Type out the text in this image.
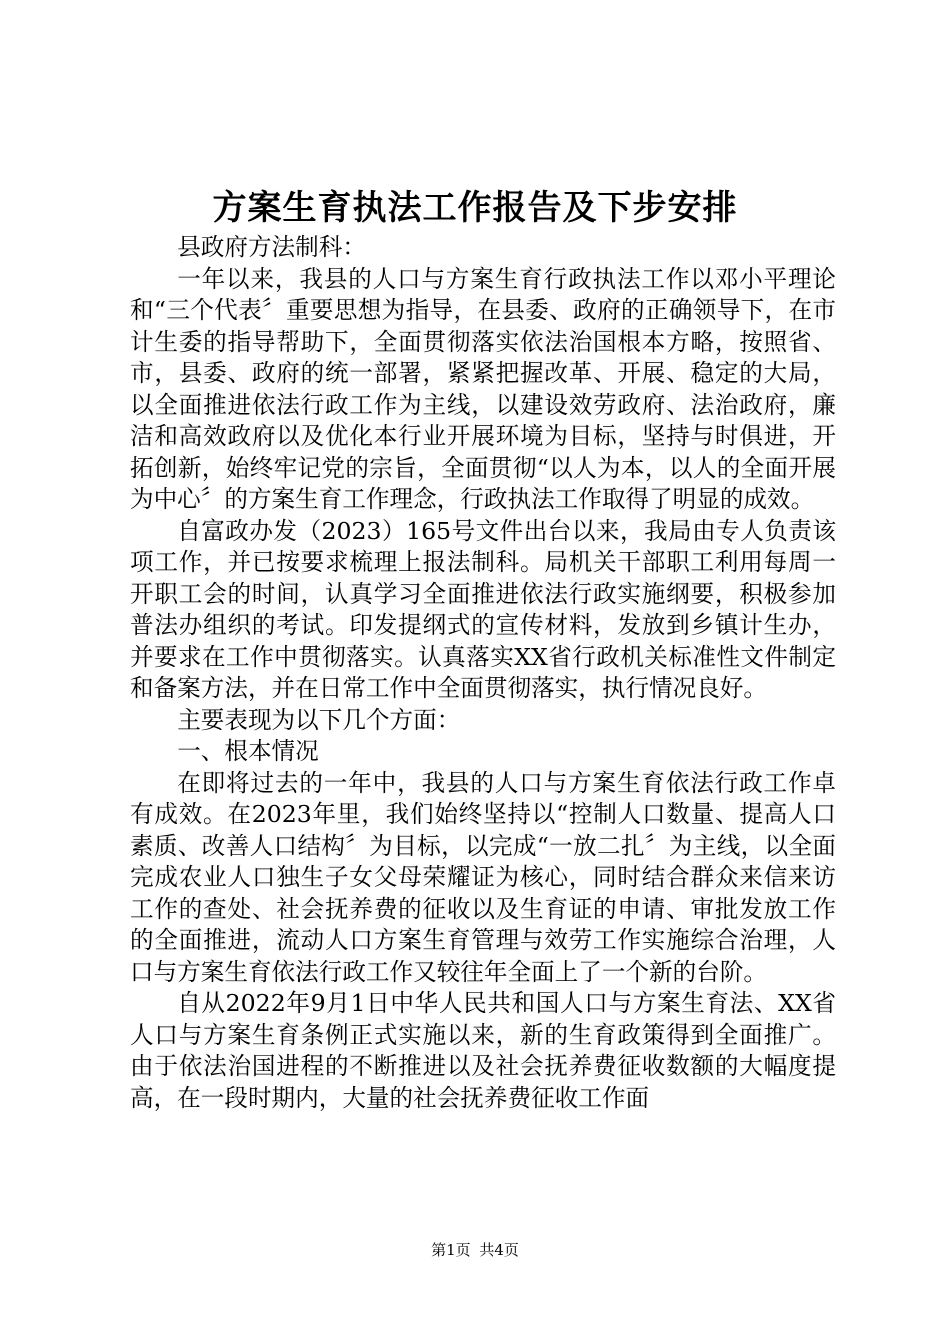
方案生育执法工作报告及下步安排

县政府方法制科：

一年以来，我县的人口与方案生育行政执法工作以邓小平理论和“三个代表〞重要思想为指导，在县委、政府的正确领导下，在市计生委的指导帮助下，全面贯彻落实依法治国根本方略，按照省、市，县委、政府的统一部署，紧紧把握改革、开展、稳定的大局，以全面推进依法行政工作为主线，以建设效劳政府、法治政府，廉洁和高效政府以及优化本行业开展环境为目标，坚持与时俱进，开拓创新，始终牢记党的宗旨，全面贯彻“以人为本，以人的全面开展为中心〞的方案生育工作理念，行政执法工作取得了明显的成效。

自富政办发（2023）165号文件出台以来，我局由专人负责该项工作，并已按要求梳理上报法制科。局机关干部职工利用每周一开职工会的时间，认真学习全面推进依法行政实施纲要，积极参加普法办组织的考试。印发提纲式的宣传材料，发放到乡镇计生办，并要求在工作中贯彻落实。认真落实XX省行政机关标准性文件制定和备案方法，并在日常工作中全面贯彻落实，执行情况良好。

主要表现为以下几个方面：

一、根本情况

在即将过去的一年中，我县的人口与方案生育依法行政工作卓有成效。在2023年里，我们始终坚持以“控制人口数量、提高人口素质、改善人口结构〞为目标，以完成“一放二扎〞为主线，以全面完成农业人口独生子女父母荣耀证为核心，同时结合群众来信来访工作的查处、社会抚养费的征收以及生育证的申请、审批发放工作的全面推进，流动人口方案生育管理与效劳工作实施综合治理，人口与方案生育依法行政工作又较往年全面上了一个新的台阶。

自从2022年9月1日中华人民共和国人口与方案生育法、XX省人口与方案生育条例正式实施以来，新的生育政策得到全面推广。由于依法治国进程的不断推进以及社会抚养费征收数额的大幅度提高，在一段时期内，大量的社会抚养费征收工作面

第1页 共4页
